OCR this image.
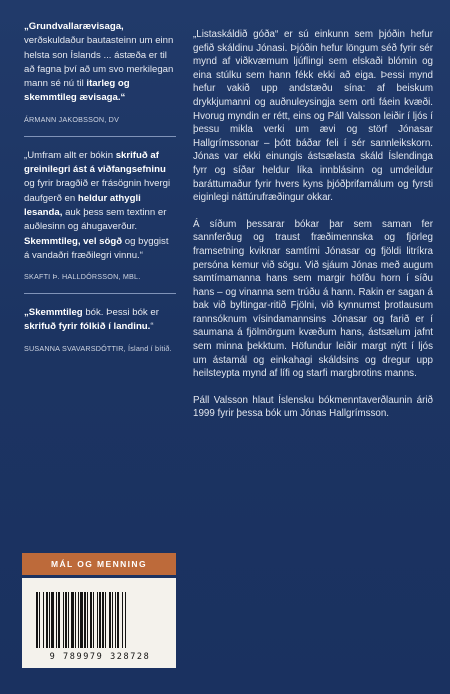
„Grundvallarævisaga, verðskuldaður bautasteinn um einn helsta son Íslands ... ástæða er til að fagna því að um svo merkilegan mann sé nú til itarleg og skemmtileg ævisaga.“

ÁRMANN JAKOBSSON, DV

„Umfram allt er bókin skrifuð af greinilegri ást á viðfangsefninu og fyrir bragðið er frásögnin hvergi daufgerð en heldur athygli lesanda, auk þess sem textinn er auðlesinn og áhugaverður. Skemmtileg, vel sögð og byggist á vandaðri fræðilegri vinnu.“

SKAFTI Þ. HALLDÓRSSON, MBL.

„Skemmtileg bók. Þessi bók er skrifuð fyrir fólkið í landinu.“

SUSANNA SVAVARSDÓTTIR, Ísland í bítið.

„Listaskáldið góða“ er sú einkunn sem þjóðin hefur gefið skáldinu Jónasi. Þjóðin hefur löngum séð fyrir sér mynd af viðkvæmum ljúflingi sem elskaði blómin og eina stúlku sem hann fékk ekki að eiga. Þessi mynd hefur vakið upp andstæðu sína: af beiskum drykkjumanni og auðnuleysingja sem orti fáein kvæði. Hvorug myndin er rétt, eins og Páll Valsson leiðir í ljós í þessu mikla verki um ævi og störf Jónasar Hallgrímssonar – þótt báðar feli í sér sannleikskorn. Jónas var ekki einungis ástsælasta skáld Íslendinga fyrr og síðar heldur líka innblásinn og umdeildur baráttumaður fyrir hvers kyns þjóðþrifamálum og fyrsti eiginlegi náttúrufræðingur okkar.

Á síðum þessarar bókar þar sem saman fer sannferðug og traust fræðimennska og fjörleg framsetning kviknar samtími Jónasar og fjöldi litríkra persóna kemur við sögu. Við sjáum Jónas með augum samtímamanna hans sem margir höfðu horn í síðu hans – og vinanna sem trúðu á hann. Rakin er sagan á bak við byltingar-ritið Fjölni, við kynnumst þrotlausum rannsóknum vísindamannsins Jónasar og farið er í saumana á fjölmörgum kvæðum hans, ástsælum jafnt sem minna þekktum. Höfundur leiðir margt nýtt í ljós um ástamál og einkahagi skáldsins og dregur upp heilsteypta mynd af lífi og starfi margbrotins manns.

Páll Valsson hlaut Íslensku bókmenntaverðlaunin árið 1999 fyrir þessa bók um Jónas Hallgrímsson.

MÁL OG MENNING
9 789979 328728
